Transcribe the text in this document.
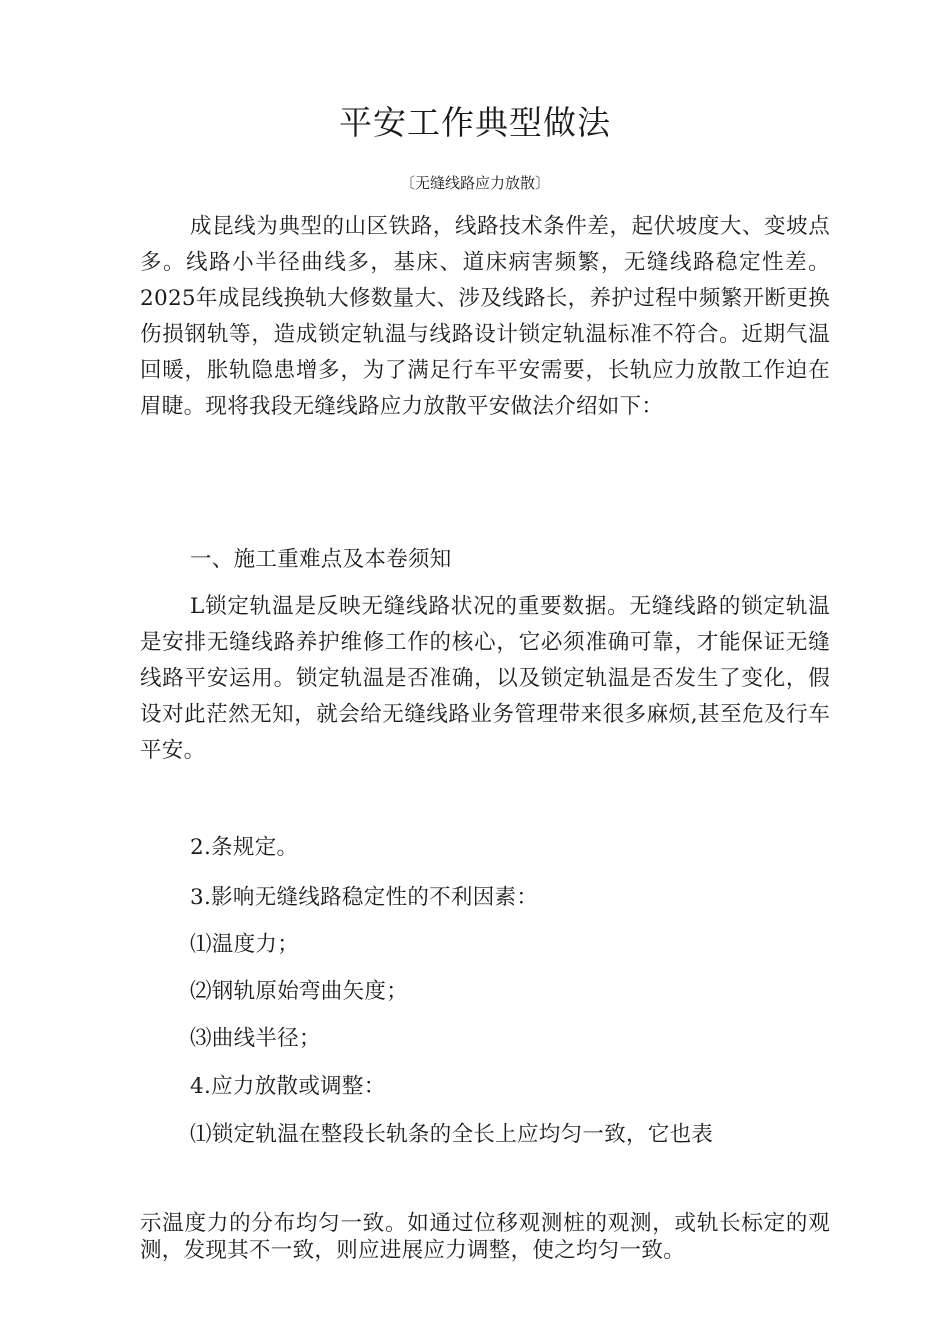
平安工作典型做法
〔无缝线路应力放散〕

成昆线为典型的山区铁路，线路技术条件差，起伏坡度大、变坡点多。线路小半径曲线多，基床、道床病害频繁，无缝线路稳定性差。2025年成昆线换轨大修数量大、涉及线路长，养护过程中频繁开断更换伤损钢轨等，造成锁定轨温与线路设计锁定轨温标准不符合。近期气温回暖，胀轨隐患增多，为了满足行车平安需要，长轨应力放散工作迫在眉睫。现将我段无缝线路应力放散平安做法介绍如下：

一、施工重难点及本卷须知

L锁定轨温是反映无缝线路状况的重要数据。无缝线路的锁定轨温是安排无缝线路养护维修工作的核心，它必须准确可靠，才能保证无缝线路平安运用。锁定轨温是否准确，以及锁定轨温是否发生了变化，假设对此茫然无知，就会给无缝线路业务管理带来很多麻烦,甚至危及行车平安。

2.条规定。

3.影响无缝线路稳定性的不利因素：

⑴温度力；

⑵钢轨原始弯曲矢度；

⑶曲线半径；

4.应力放散或调整：

⑴锁定轨温在整段长轨条的全长上应均匀一致，它也表

示温度力的分布均匀一致。如通过位移观测桩的观测，或轨长标定的观测，发现其不一致，则应进展应力调整，使之均匀一致。
